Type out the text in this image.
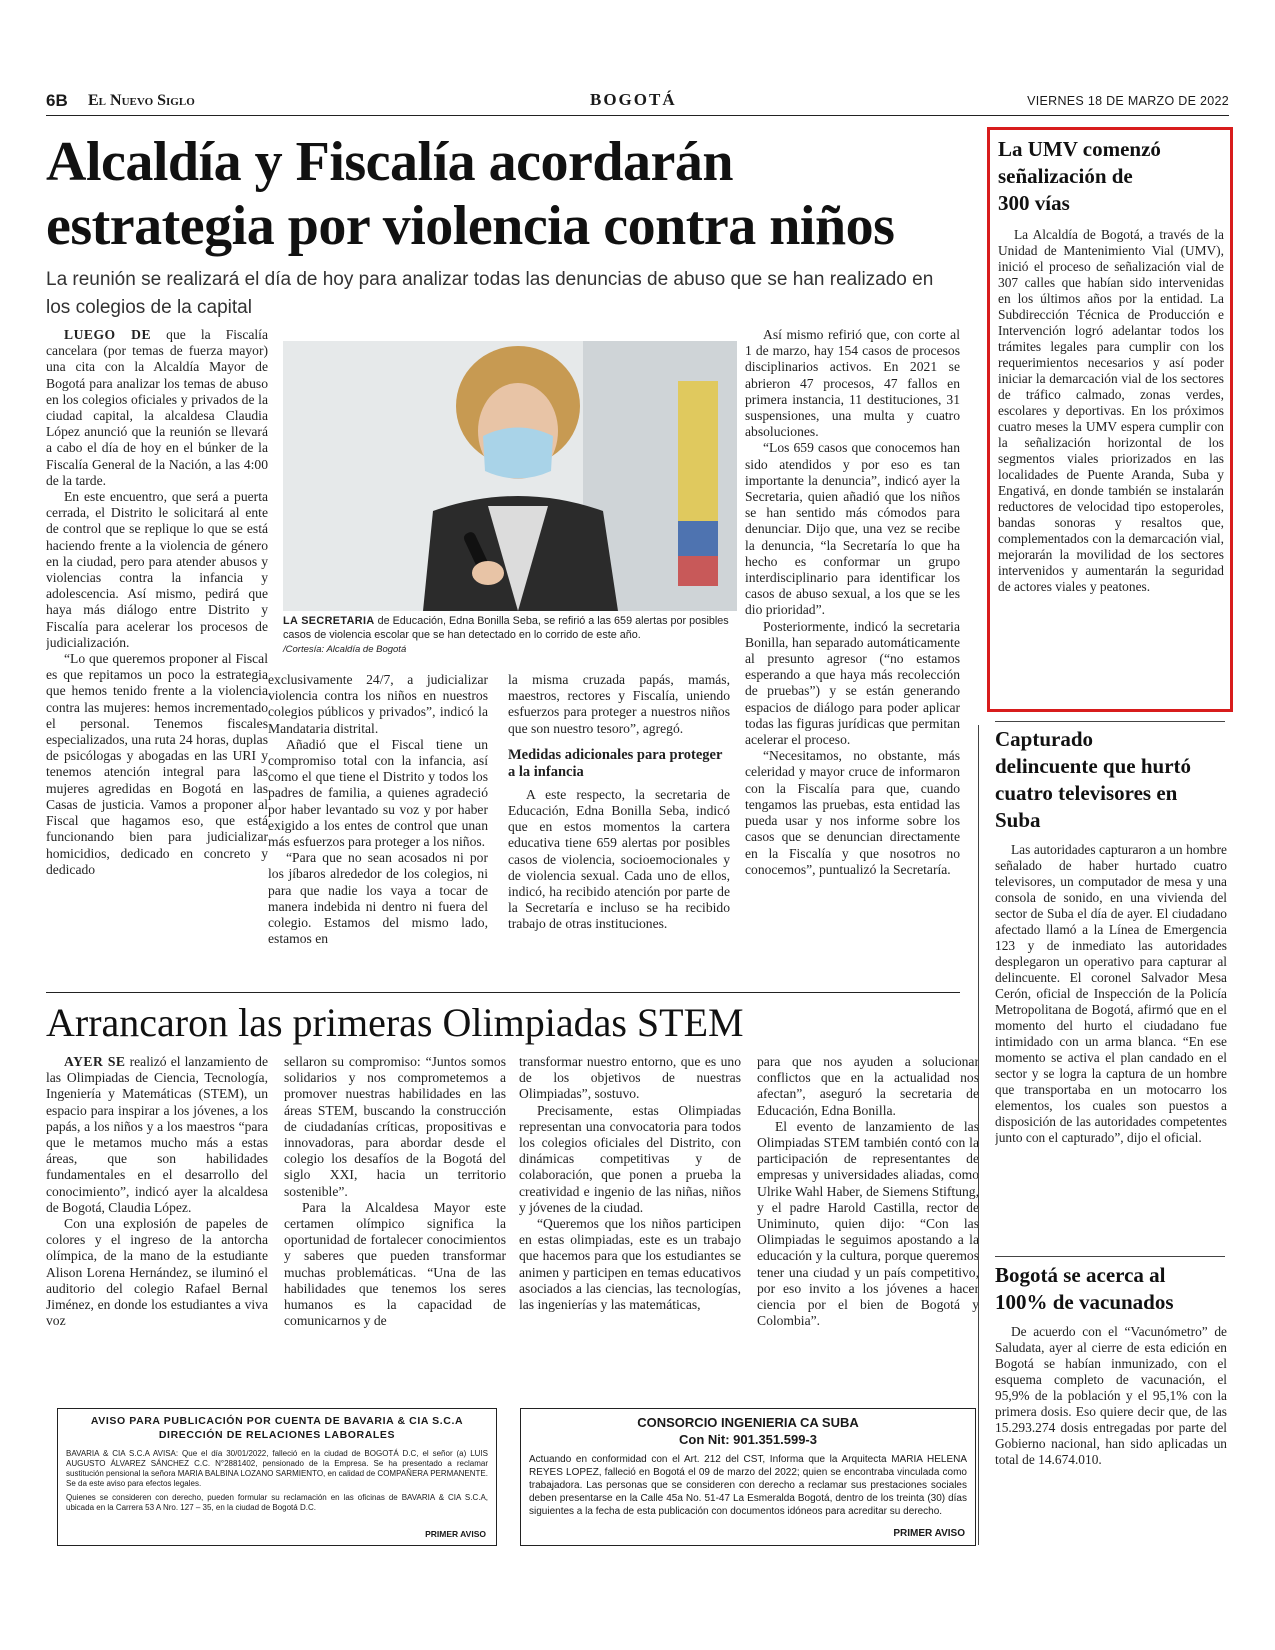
6B El Nuevo Siglo	BOGOTÁ	VIERNES 18 DE MARZO DE 2022
Alcaldía y Fiscalía acordarán
estrategia por violencia contra niños
La reunión se realizará el día de hoy para analizar todas las denuncias de abuso que se han realizado en los colegios de la capital

LUEGO DE que la Fiscalía cancelara (por temas de fuerza mayor) una cita con la Alcaldía Mayor de Bogotá para analizar los temas de abuso en los colegios oficiales y privados de la ciudad capital, la alcaldesa Claudia López anunció que la reunión se llevará a cabo el día de hoy en el búnker de la Fiscalía General de la Nación, a las 4:00 de la tarde.

En este encuentro, que será a puerta cerrada, el Distrito le solicitará al ente de control que se replique lo que se está haciendo frente a la violencia de género en la ciudad, pero para atender abusos y violencias contra la infancia y adolescencia. Así mismo, pedirá que haya más diálogo entre Distrito y Fiscalía para acelerar los procesos de judicialización.

“Lo que queremos proponer al Fiscal es que repitamos un poco la estrategia que hemos tenido frente a la violencia contra las mujeres: hemos incrementado el personal. Tenemos fiscales especializados, una ruta 24 horas, duplas de psicólogas y abogadas en las URI y tenemos atención integral para las mujeres agredidas en Bogotá en las Casas de justicia. Vamos a proponer al Fiscal que hagamos eso, que está funcionando bien para judicializar homicidios, dedicado en concreto y dedicado

LA SECRETARIA de Educación, Edna Bonilla Seba, se refirió a las 659 alertas por posibles casos de violencia escolar que se han detectado en lo corrido de este año.
/Cortesía: Alcaldía de Bogotá

exclusivamente 24/7, a judicializar violencia contra los niños en nuestros colegios públicos y privados”, indicó la Mandataria distrital.

Añadió que el Fiscal tiene un compromiso total con la infancia, así como el que tiene el Distrito y todos los padres de familia, a quienes agradeció por haber levantado su voz y por haber exigido a los entes de control que unan más esfuerzos para proteger a los niños.

“Para que no sean acosados ni por los jíbaros alrededor de los colegios, ni para que nadie los vaya a tocar de manera indebida ni dentro ni fuera del colegio. Estamos del mismo lado, estamos en

la misma cruzada papás, mamás, maestros, rectores y Fiscalía, uniendo esfuerzos para proteger a nuestros niños que son nuestro tesoro”, agregó.

Medidas adicionales para proteger a la infancia

A este respecto, la secretaria de Educación, Edna Bonilla Seba, indicó que en estos momentos la cartera educativa tiene 659 alertas por posibles casos de violencia, socioemocionales y de violencia sexual. Cada uno de ellos, indicó, ha recibido atención por parte de la Secretaría e incluso se ha recibido trabajo de otras instituciones.

Así mismo refirió que, con corte al 1 de marzo, hay 154 casos de procesos disciplinarios activos. En 2021 se abrieron 47 procesos, 47 fallos en primera instancia, 11 destituciones, 31 suspensiones, una multa y cuatro absoluciones.

“Los 659 casos que conocemos han sido atendidos y por eso es tan importante la denuncia”, indicó ayer la Secretaria, quien añadió que los niños se han sentido más cómodos para denunciar. Dijo que, una vez se recibe la denuncia, “la Secretaría lo que ha hecho es conformar un grupo interdisciplinario para identificar los casos de abuso sexual, a los que se les dio prioridad”.

Posteriormente, indicó la secretaria Bonilla, han separado automáticamente al presunto agresor (“no estamos esperando a que haya más recolección de pruebas”) y se están generando espacios de diálogo para poder aplicar todas las figuras jurídicas que permitan acelerar el proceso.

“Necesitamos, no obstante, más celeridad y mayor cruce de informaron con la Fiscalía para que, cuando tengamos las pruebas, esta entidad las pueda usar y nos informe sobre los casos que se denuncian directamente en la Fiscalía y que nosotros no conocemos”, puntualizó la Secretaría.

Arrancaron las primeras Olimpiadas STEM

AYER SE realizó el lanzamiento de las Olimpiadas de Ciencia, Tecnología, Ingeniería y Matemáticas (STEM), un espacio para inspirar a los jóvenes, a los papás, a los niños y a los maestros “para que le metamos mucho más a estas áreas, que son habilidades fundamentales en el desarrollo del conocimiento”, indicó ayer la alcaldesa de Bogotá, Claudia López.

Con una explosión de papeles de colores y el ingreso de la antorcha olímpica, de la mano de la estudiante Alison Lorena Hernández, se iluminó el auditorio del colegio Rafael Bernal Jiménez, en donde los estudiantes a viva voz

sellaron su compromiso: “Juntos somos solidarios y nos comprometemos a promover nuestras habilidades en las áreas STEM, buscando la construcción de ciudadanías críticas, propositivas e innovadoras, para abordar desde el colegio los desafíos de la Bogotá del siglo XXI, hacia un territorio sostenible”.

Para la Alcaldesa Mayor este certamen olímpico significa la oportunidad de fortalecer conocimientos y saberes que pueden transformar muchas problemáticas. “Una de las habilidades que tenemos los seres humanos es la capacidad de comunicarnos y de

transformar nuestro entorno, que es uno de los objetivos de nuestras Olimpiadas”, sostuvo.

Precisamente, estas Olimpiadas representan una convocatoria para todos los colegios oficiales del Distrito, con dinámicas competitivas y de colaboración, que ponen a prueba la creatividad e ingenio de las niñas, niños y jóvenes de la ciudad.

“Queremos que los niños participen en estas olimpiadas, este es un trabajo que hacemos para que los estudiantes se animen y participen en temas educativos asociados a las ciencias, las tecnologías, las ingenierías y las matemáticas,

para que nos ayuden a solucionar conflictos que en la actualidad nos afectan”, aseguró la secretaria de Educación, Edna Bonilla.

El evento de lanzamiento de las Olimpiadas STEM también contó con la participación de representantes de empresas y universidades aliadas, como Ulrike Wahl Haber, de Siemens Stiftung, y el padre Harold Castilla, rector de Uniminuto, quien dijo: “Con las Olimpiadas le seguimos apostando a la educación y la cultura, porque queremos tener una ciudad y un país competitivo, por eso invito a los jóvenes a hacer ciencia por el bien de Bogotá y Colombia”.

AVISO PARA PUBLICACIÓN POR CUENTA DE BAVARIA & CIA S.C.A
DIRECCIÓN DE RELACIONES LABORALES
BAVARIA & CIA S.C.A AVISA: Que el día 30/01/2022, falleció en la ciudad de BOGOTÁ D.C, el señor (a) LUIS AUGUSTO ÁLVAREZ SÁNCHEZ C.C. N°2881402, pensionado de la Empresa. Se ha presentado a reclamar sustitución pensional la señora MARIA BALBINA LOZANO SARMIENTO, en calidad de COMPAÑERA PERMANENTE. Se da este aviso para efectos legales.
Quienes se consideren con derecho, pueden formular su reclamación en las oficinas de BAVARIA & CIA S.C.A, ubicada en la Carrera 53 A Nro. 127 – 35, en la ciudad de Bogotá D.C.
PRIMER AVISO
CONSORCIO INGENIERIA CA SUBA
Con Nit: 901.351.599-3
Actuando en conformidad con el Art. 212 del CST, Informa que la Arquitecta MARIA HELENA REYES LOPEZ, falleció en Bogotá el 09 de marzo del 2022; quien se encontraba vinculada como trabajadora. Las personas que se consideren con derecho a reclamar sus prestaciones sociales deben presentarse en la Calle 45a No. 51-47 La Esmeralda Bogotá, dentro de los treinta (30) días siguientes a la fecha de esta publicación con documentos idóneos para acreditar su derecho.
PRIMER AVISO
La UMV comenzó señalización de 300 vías

La Alcaldía de Bogotá, a través de la Unidad de Mantenimiento Vial (UMV), inició el proceso de señalización vial de 307 calles que habían sido intervenidas en los últimos años por la entidad. La Subdirección Técnica de Producción e Intervención logró adelantar todos los trámites legales para cumplir con los requerimientos necesarios y así poder iniciar la demarcación vial de los sectores de tráfico calmado, zonas verdes, escolares y deportivas. En los próximos cuatro meses la UMV espera cumplir con la señalización horizontal de los segmentos viales priorizados en las localidades de Puente Aranda, Suba y Engativá, en donde también se instalarán reductores de velocidad tipo estoperoles, bandas sonoras y resaltos que, complementados con la demarcación vial, mejorarán la movilidad de los sectores intervenidos y aumentarán la seguridad de actores viales y peatones.

Capturado delincuente que hurtó cuatro televisores en Suba

Las autoridades capturaron a un hombre señalado de haber hurtado cuatro televisores, un computador de mesa y una consola de sonido, en una vivienda del sector de Suba el día de ayer. El ciudadano afectado llamó a la Línea de Emergencia 123 y de inmediato las autoridades desplegaron un operativo para capturar al delincuente. El coronel Salvador Mesa Cerón, oficial de Inspección de la Policía Metropolitana de Bogotá, afirmó que en el momento del hurto el ciudadano fue intimidado con un arma blanca. “En ese momento se activa el plan candado en el sector y se logra la captura de un hombre que transportaba en un motocarro los elementos, los cuales son puestos a disposición de las autoridades competentes junto con el capturado”, dijo el oficial.

Bogotá se acerca al 100% de vacunados

De acuerdo con el “Vacunómetro” de Saludata, ayer al cierre de esta edición en Bogotá se habían inmunizado, con el esquema completo de vacunación, el 95,9% de la población y el 95,1% con la primera dosis. Eso quiere decir que, de las 15.293.274 dosis entregadas por parte del Gobierno nacional, han sido aplicadas un total de 14.674.010.
